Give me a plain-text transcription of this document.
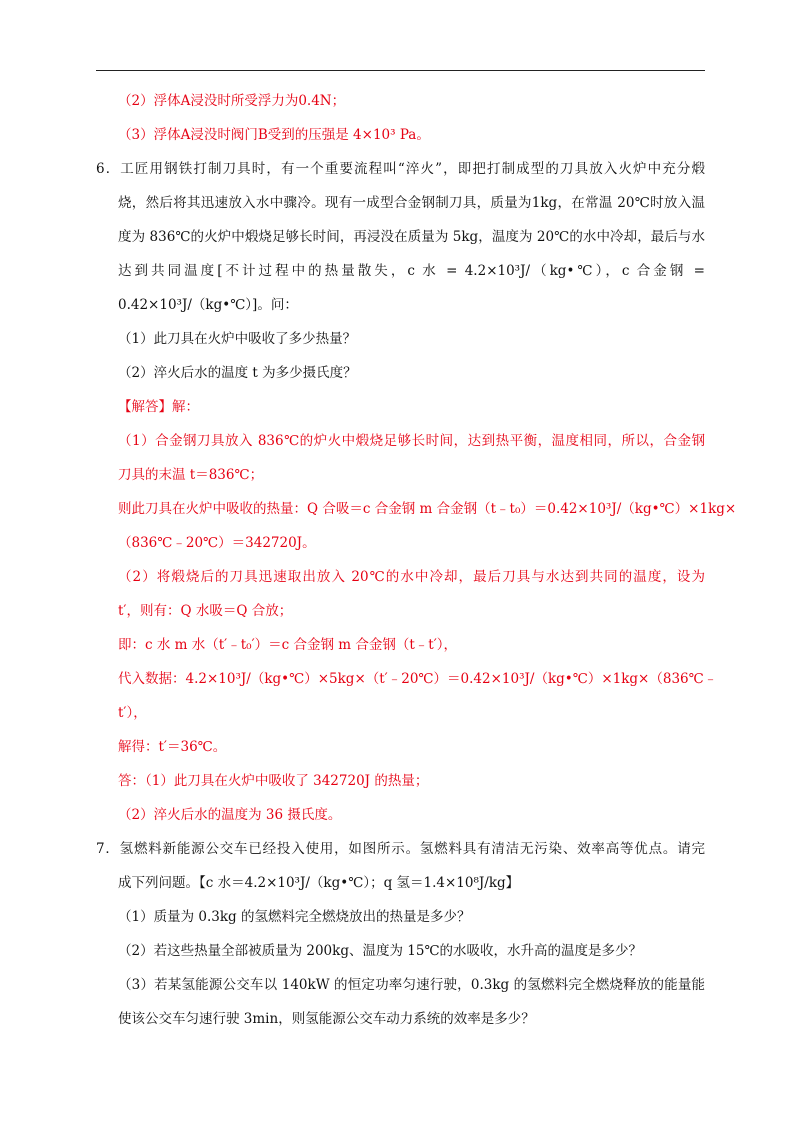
（2）浮体A浸没时所受浮力为0.4N；
（3）浮体A浸没时阀门B受到的压强是 4×10³ Pa。
6．工匠用钢铁打制刀具时，有一个重要流程叫“淬火”，即把打制成型的刀具放入火炉中充分煅
烧，然后将其迅速放入水中骤冷。现有一成型合金钢制刀具，质量为1kg，在常温 20℃时放入温
度为 836℃的火炉中煅烧足够长时间，再浸没在质量为 5kg，温度为 20℃的水中冷却，最后与水
达到共同温度[不计过程中的热量散失，c 水 = 4.2×10³J/（kg•℃），c 合金钢 =
0.42×10³J/（kg•℃）]。问：
（1）此刀具在火炉中吸收了多少热量？
（2）淬火后水的温度 t 为多少摄氏度？
【解答】解：
（1）合金钢刀具放入 836℃的炉火中煅烧足够长时间，达到热平衡，温度相同，所以，合金钢
刀具的末温 t＝836℃；
则此刀具在火炉中吸收的热量：Q 合吸＝c 合金钢 m 合金钢（t﹣t₀）＝0.42×10³J/（kg•℃）×1kg×
（836℃﹣20℃）＝342720J。
（2）将煅烧后的刀具迅速取出放入 20℃的水中冷却，最后刀具与水达到共同的温度，设为
t′，则有：Q 水吸＝Q 合放；
即：c 水 m 水（t′﹣t₀′）＝c 合金钢 m 合金钢（t﹣t′），
代入数据：4.2×10³J/（kg•℃）×5kg×（t′﹣20℃）＝0.42×10³J/（kg•℃）×1kg×（836℃﹣
t′），
解得：t′＝36℃。
答：（1）此刀具在火炉中吸收了 342720J 的热量；
（2）淬火后水的温度为 36 摄氏度。
7．氢燃料新能源公交车已经投入使用，如图所示。氢燃料具有清洁无污染、效率高等优点。请完
成下列问题。【c 水＝4.2×10³J/（kg•℃）；q 氢＝1.4×10⁸J/kg】
（1）质量为 0.3kg 的氢燃料完全燃烧放出的热量是多少？
（2）若这些热量全部被质量为 200kg、温度为 15℃的水吸收，水升高的温度是多少？
（3）若某氢能源公交车以 140kW 的恒定功率匀速行驶，0.3kg 的氢燃料完全燃烧释放的能量能
使该公交车匀速行驶 3min，则氢能源公交车动力系统的效率是多少？
